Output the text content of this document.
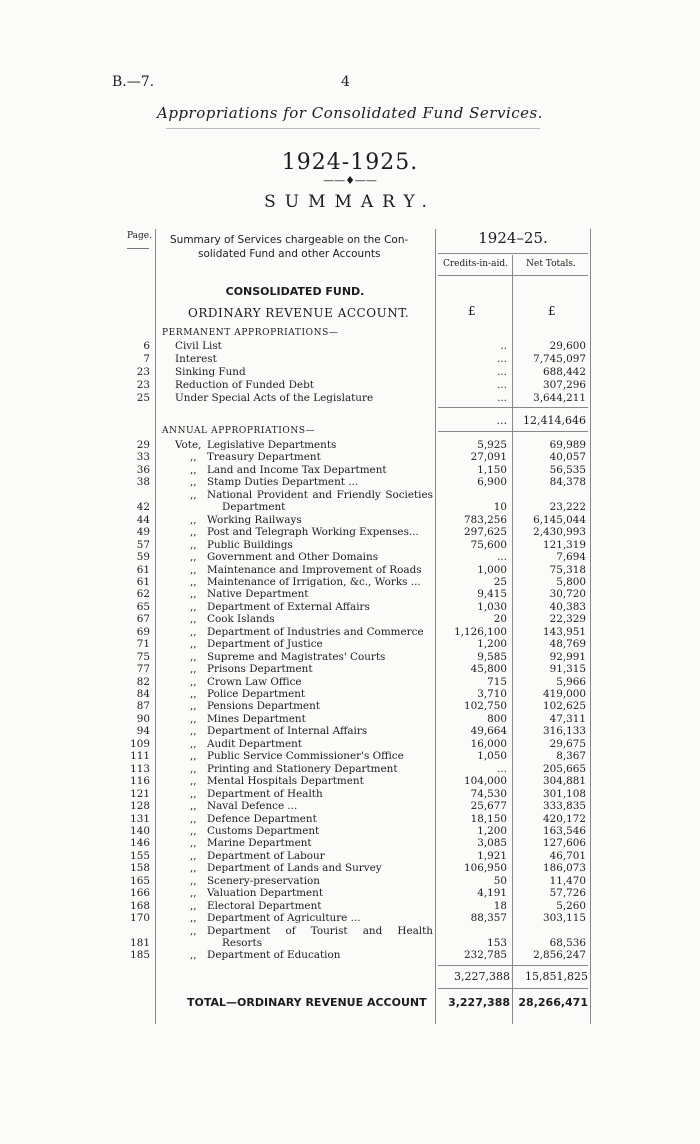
B.—7.	4
Appropriations for Consolidated Fund Services.
1924-1925.
——♦——
SUMMARY.
Page. Summary of Services chargeable on the Con-
solidated Fund and other Accounts
1924–25.
Credits-in-aid.	Net Totals.
CONSOLIDATED FUND.
ORDINARY REVENUE ACCOUNT.	£	£
PERMANENT APPROPRIATIONS—
6 Civil List	..	29,600
7 Interest	...	7,745,097
23 Sinking Fund	...	688,442
23 Reduction of Funded Debt	...	307,296
25 Under Special Acts of the Legislature	...	3,644,211
...	12,414,646
ANNUAL APPROPRIATIONS—
29 Vote, Legislative Departments	5,925	69,989
33	,, Treasury Department	27,091	40,057
36	,, Land and Income Tax Department	1,150	56,535
38	,, Stamp Duties Department ...	6,900	84,378
,, National Provident and Friendly Societies
42	Department	10	23,222
44	,, Working Railways	783,256	6,145,044
49	,, Post and Telegraph Working Expenses...	297,625	2,430,993
57	,, Public Buildings	75,600	121,319
59	,, Government and Other Domains	...	7,694
61	,, Maintenance and Improvement of Roads	1,000	75,318
61	,, Maintenance of Irrigation, &c., Works ...	25	5,800
62	,, Native Department	9,415	30,720
65	,, Department of External Affairs	1,030	40,383
67	,, Cook Islands	20	22,329
69	,, Department of Industries and Commerce	1,126,100	143,951
71	,, Department of Justice	1,200	48,769
75	,, Supreme and Magistrates' Courts	9,585	92,991
77	,, Prisons Department	45,800	91,315
82	,, Crown Law Office	715	5,966
84	,, Police Department	3,710	419,000
87	,, Pensions Department	102,750	102,625
90	,, Mines Department	800	47,311
94	,, Department of Internal Affairs	49,664	316,133
109	,, Audit Department	16,000	29,675
111	,, Public Service Commissioner's Office	1,050	8,367
113	,, Printing and Stationery Department	...	205,665
116	,, Mental Hospitals Department	104,000	304,881
121	,, Department of Health	74,530	301,108
128	,, Naval Defence ...	25,677	333,835
131	,, Defence Department	18,150	420,172
140	,, Customs Department	1,200	163,546
146	,, Marine Department	3,085	127,606
155	,, Department of Labour	1,921	46,701
158	,, Department of Lands and Survey	106,950	186,073
165	,, Scenery-preservation	50	11,470
166	,, Valuation Department	4,191	57,726
168	,, Electoral Department	18	5,260
170	,, Department of Agriculture ...	88,357	303,115
,, Department of Tourist and Health
181	Resorts	153	68,536
185	,, Department of Education	232,785	2,856,247
3,227,388	15,851,825
TOTAL—ORDINARY REVENUE ACCOUNT	3,227,388 28,266,471
